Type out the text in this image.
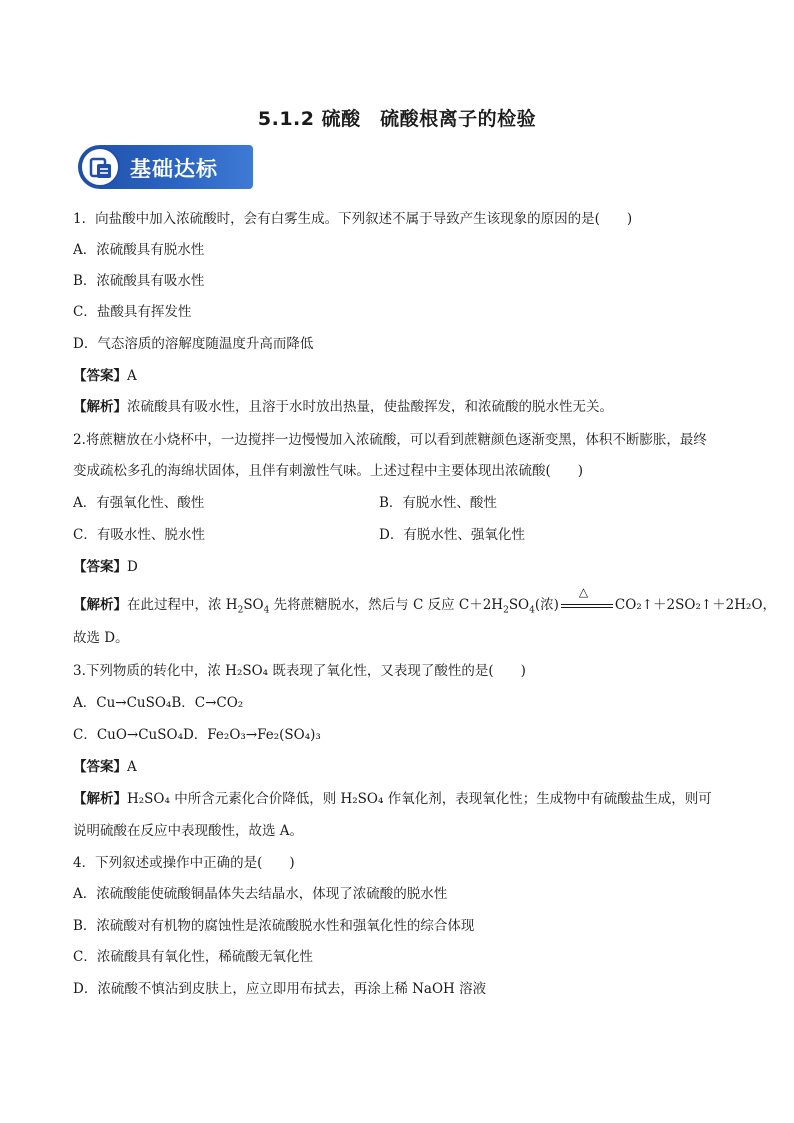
5.1.2 硫酸　硫酸根离子的检验
基础达标
1．向盐酸中加入浓硫酸时，会有白雾生成。下列叙述不属于导致产生该现象的原因的是(　　)
A．浓硫酸具有脱水性
B．浓硫酸具有吸水性
C．盐酸具有挥发性
D．气态溶质的溶解度随温度升高而降低
【答案】A
【解析】浓硫酸具有吸水性，且溶于水时放出热量，使盐酸挥发，和浓硫酸的脱水性无关。
2.将蔗糖放在小烧杯中，一边搅拌一边慢慢加入浓硫酸，可以看到蔗糖颜色逐渐变黑，体积不断膨胀，最终
变成疏松多孔的海绵状固体，且伴有刺激性气味。上述过程中主要体现出浓硫酸(　　)
A．有强氧化性、酸性	B．有脱水性、酸性
C．有吸水性、脱水性	D．有脱水性、强氧化性
【答案】D
【解析】在此过程中，浓 $H_2SO_4$ 先将蔗糖脱水，然后与 C 反应 $C+2H_2SO_4$(浓)
△
CO₂↑＋2SO₂↑＋2H₂O，
故选 D。
3.下列物质的转化中，浓 H₂SO₄ 既表现了氧化性，又表现了酸性的是(　　)
A．Cu→CuSO₄B．C→CO₂
C．CuO→CuSO₄D．Fe₂O₃→Fe₂(SO₄)₃
【答案】A
【解析】H₂SO₄ 中所含元素化合价降低，则 H₂SO₄ 作氧化剂，表现氧化性；生成物中有硫酸盐生成，则可
说明硫酸在反应中表现酸性，故选 A。
4．下列叙述或操作中正确的是(　　)
A．浓硫酸能使硫酸铜晶体失去结晶水，体现了浓硫酸的脱水性
B．浓硫酸对有机物的腐蚀性是浓硫酸脱水性和强氧化性的综合体现
C．浓硫酸具有氧化性，稀硫酸无氧化性
D．浓硫酸不慎沾到皮肤上，应立即用布拭去，再涂上稀 NaOH 溶液
